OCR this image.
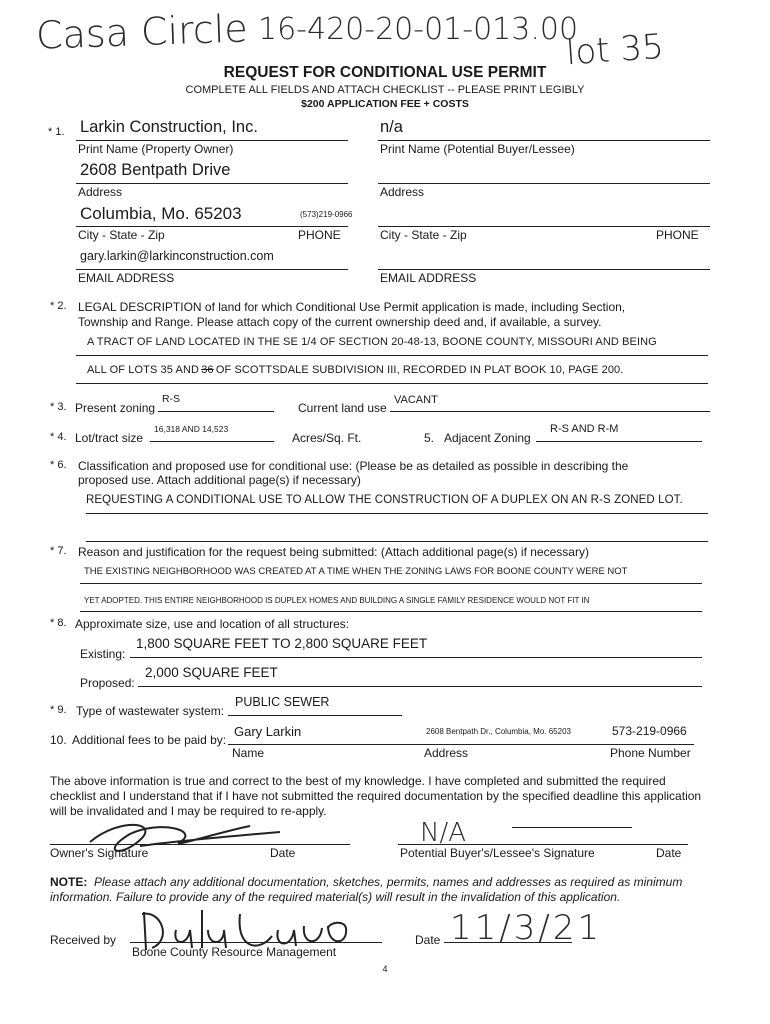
Casa Circle 16-420-20-01-013.00
lot 35
REQUEST FOR CONDITIONAL USE PERMIT
COMPLETE ALL FIELDS AND ATTACH CHECKLIST -- PLEASE PRINT LEGIBLY
$200 APPLICATION FEE + COSTS
* 1. Larkin Construction, Inc.
Print Name (Property Owner)
n/a
Print Name (Potential Buyer/Lessee)
2608 Bentpath Drive
Address	Address
Columbia, Mo. 65203	(573)219-0966
City - State - Zip	PHONE	City - State - Zip	PHONE
gary.larkin@larkinconstruction.com
EMAIL ADDRESS	EMAIL ADDRESS
* 2. LEGAL DESCRIPTION of land for which Conditional Use Permit application is made, including Section,
Township and Range. Please attach copy of the current ownership deed and, if available, a survey.
A TRACT OF LAND LOCATED IN THE SE 1/4 OF SECTION 20-48-13, BOONE COUNTY, MISSOURI AND BEING
ALL OF LOTS 35 AND 36 OF SCOTTSDALE SUBDIVISION III, RECORDED IN PLAT BOOK 10, PAGE 200.
* 3. Present zoning
R-S
Current land use
VACANT
* 4. Lot/tract size
16,318 AND 14,523
Acres/Sq. Ft.	5. Adjacent Zoning
R-S AND R-M
* 6. Classification and proposed use for conditional use: (Please be as detailed as possible in describing the
proposed use. Attach additional page(s) if necessary)
REQUESTING A CONDITIONAL USE TO ALLOW THE CONSTRUCTION OF A DUPLEX ON AN R-S ZONED LOT.
* 7. Reason and justification for the request being submitted: (Attach additional page(s) if necessary)
THE EXISTING NEIGHBORHOOD WAS CREATED AT A TIME WHEN THE ZONING LAWS FOR BOONE COUNTY WERE NOT
YET ADOPTED. THIS ENTIRE NEIGHBORHOOD IS DUPLEX HOMES AND BUILDING A SINGLE FAMILY RESIDENCE WOULD NOT FIT IN
* 8. Approximate size, use and location of all structures:
Existing:
1,800 SQUARE FEET TO 2,800 SQUARE FEET
Proposed:
2,000 SQUARE FEET
* 9. Type of wastewater system:
PUBLIC SEWER
10. Additional fees to be paid by:
Gary Larkin	2608 Bentpath Dr., Columbia, Mo. 65203	573-219-0966
Name	Address	Phone Number
The above information is true and correct to the best of my knowledge. I have completed and submitted the required
checklist and I understand that if I have not submitted the required documentation by the specified deadline this application
will be invalidated and I may be required to re-apply.
Owner's Signature	Date
N/A
Potential Buyer's/Lessee's Signature	Date
NOTE: Please attach any additional documentation, sketches, permits, names and addresses as required as minimum
information. Failure to provide any of the required material(s) will result in the invalidation of this application.
Received by
Boone County Resource Management
Date 11/3/21
4
